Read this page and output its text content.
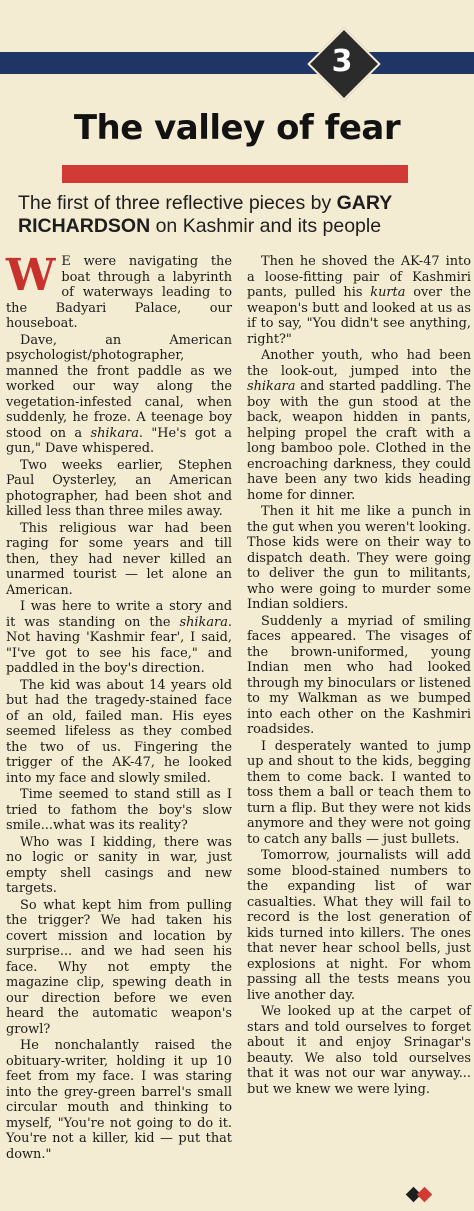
3
The valley of fear
The first of three reflective pieces by GARY RICHARDSON on Kashmir and its people

W E were navigating the boat through a labyrinth of waterways leading to the Badyari Palace, our houseboat.

Dave, an American psychologist/photographer, manned the front paddle as we worked our way along the vegetation-infested canal, when suddenly, he froze. A teenage boy stood on a shikara. "He's got a gun," Dave whispered.

Two weeks earlier, Stephen Paul Oysterley, an American photographer, had been shot and killed less than three miles away.

This religious war had been raging for some years and till then, they had never killed an unarmed tourist — let alone an American.

I was here to write a story and it was standing on the shikara. Not having 'Kashmir fear', I said, "I've got to see his face," and paddled in the boy's direction.

The kid was about 14 years old but had the tragedy-stained face of an old, failed man. His eyes seemed lifeless as they combed the two of us. Fingering the trigger of the AK-47, he looked into my face and slowly smiled.

Time seemed to stand still as I tried to fathom the boy's slow smile...what was its reality?

Who was I kidding, there was no logic or sanity in war, just empty shell casings and new targets.

So what kept him from pulling the trigger? We had taken his covert mission and location by surprise... and we had seen his face. Why not empty the magazine clip, spewing death in our direction before we even heard the automatic weapon's growl?

He nonchalantly raised the obituary-writer, holding it up 10 feet from my face. I was staring into the grey-green barrel's small circular mouth and thinking to myself, "You're not going to do it. You're not a killer, kid — put that down."

Then he shoved the AK-47 into a loose-fitting pair of Kashmiri pants, pulled his kurta over the weapon's butt and looked at us as if to say, "You didn't see anything, right?"

Another youth, who had been the look-out, jumped into the shikara and started paddling. The boy with the gun stood at the back, weapon hidden in pants, helping propel the craft with a long bamboo pole. Clothed in the encroaching darkness, they could have been any two kids heading home for dinner.

Then it hit me like a punch in the gut when you weren't looking. Those kids were on their way to dispatch death. They were going to deliver the gun to militants, who were going to murder some Indian soldiers.

Suddenly a myriad of smiling faces appeared. The visages of the brown-uniformed, young Indian men who had looked through my binoculars or listened to my Walkman as we bumped into each other on the Kashmiri roadsides.

I desperately wanted to jump up and shout to the kids, begging them to come back. I wanted to toss them a ball or teach them to turn a flip. But they were not kids anymore and they were not going to catch any balls — just bullets.

Tomorrow, journalists will add some blood-stained numbers to the expanding list of war casualties. What they will fail to record is the lost generation of kids turned into killers. The ones that never hear school bells, just explosions at night. For whom passing all the tests means you live another day.

We looked up at the carpet of stars and told ourselves to forget about it and enjoy Srinagar's beauty. We also told ourselves that it was not our war anyway... but we knew we were lying.
